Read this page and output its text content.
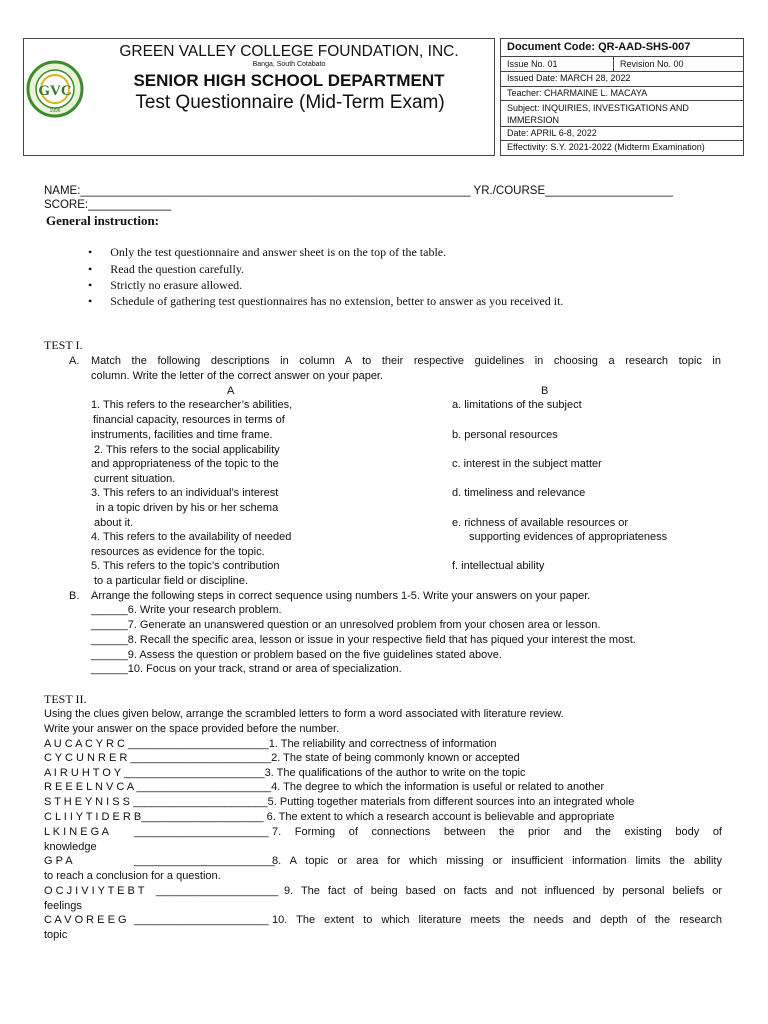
GVC
1996
GREEN VALLEY COLLEGE FOUNDATION, INC.
Banga, South Cotabato
SENIOR HIGH SCHOOL DEPARTMENT
Test Questionnaire (Mid-Term Exam)
Document Code: QR-AAD-SHS-007
Issue No. 01	Revision No. 00
Issued Date: MARCH 28, 2022
Teacher: CHARMAINE L. MACAYA
Subject: INQUIRIES, INVESTIGATIONS AND
IMMERSION
Date: APRIL 6-8, 2022
Effectivity: S.Y. 2021-2022 (Midterm Examination)
NAME:_____________________________________________________________ YR./COURSE____________________
SCORE:_____________
General instruction:
•      Only the test questionnaire and answer sheet is on the top of the table.
•      Read the question carefully.
•      Strictly no erasure allowed.
•      Schedule of gathering test questionnaires has no extension, better to answer as you received it.
TEST I.
A. Match the following descriptions in column A to their respective guidelines in choosing a research topic in
column. Write the letter of the correct answer on your paper.
A	B
1. This refers to the researcher’s abilities,
financial capacity, resources in terms of
instruments, facilities and time frame.
2. This refers to the social applicability
and appropriateness of the topic to the
current situation.
3. This refers to an individual’s interest
in a topic driven by his or her schema
about it.
4. This refers to the availability of needed
resources as evidence for the topic.
5. This refers to the topic’s contribution
to a particular field or discipline.
a. limitations of the subject
b. personal resources
c. interest in the subject matter
d. timeliness and relevance
e. richness of available resources or
supporting evidences of appropriateness
f. intellectual ability
B. Arrange the following steps in correct sequence using numbers 1-5. Write your answers on your paper.
______6. Write your research problem.
______7. Generate an unanswered question or an unresolved problem from your chosen area or lesson.
______8. Recall the specific area, lesson or issue in your respective field that has piqued your interest the most.
______9. Assess the question or problem based on the five guidelines stated above.
______10. Focus on your track, strand or area of specialization.
TEST II.
Using the clues given below, arrange the scrambled letters to form a word associated with literature review.
Write your answer on the space provided before the number.
A U C A C Y R C _______________________1. The reliability and correctness of information
C Y C U N R E R _______________________2. The state of being commonly known or accepted
A I R U H T O Y _______________________3. The qualifications of the author to write on the topic
R E E E L N V C A ______________________4. The degree to which the information is useful or related to another
S T H E Y N I S S ______________________5. Putting together materials from different sources into an integrated whole
C L I I Y T I D E R B____________________ 6. The extent to which a research account is believable and appropriate
L K I N E G A ______________________ 7. Forming of connections between the prior and the existing body of
knowledge
G P A	_______________________
8. A topic or area for which missing or insufficient information limits the ability
to reach a conclusion for a question.
O C J I V I Y T E B T ____________________ 9. The fact of being based on facts and not influenced by personal beliefs or
feelings
C A V O R E E G ______________________ 10. The extent to which literature meets the needs and depth of the research
topic
